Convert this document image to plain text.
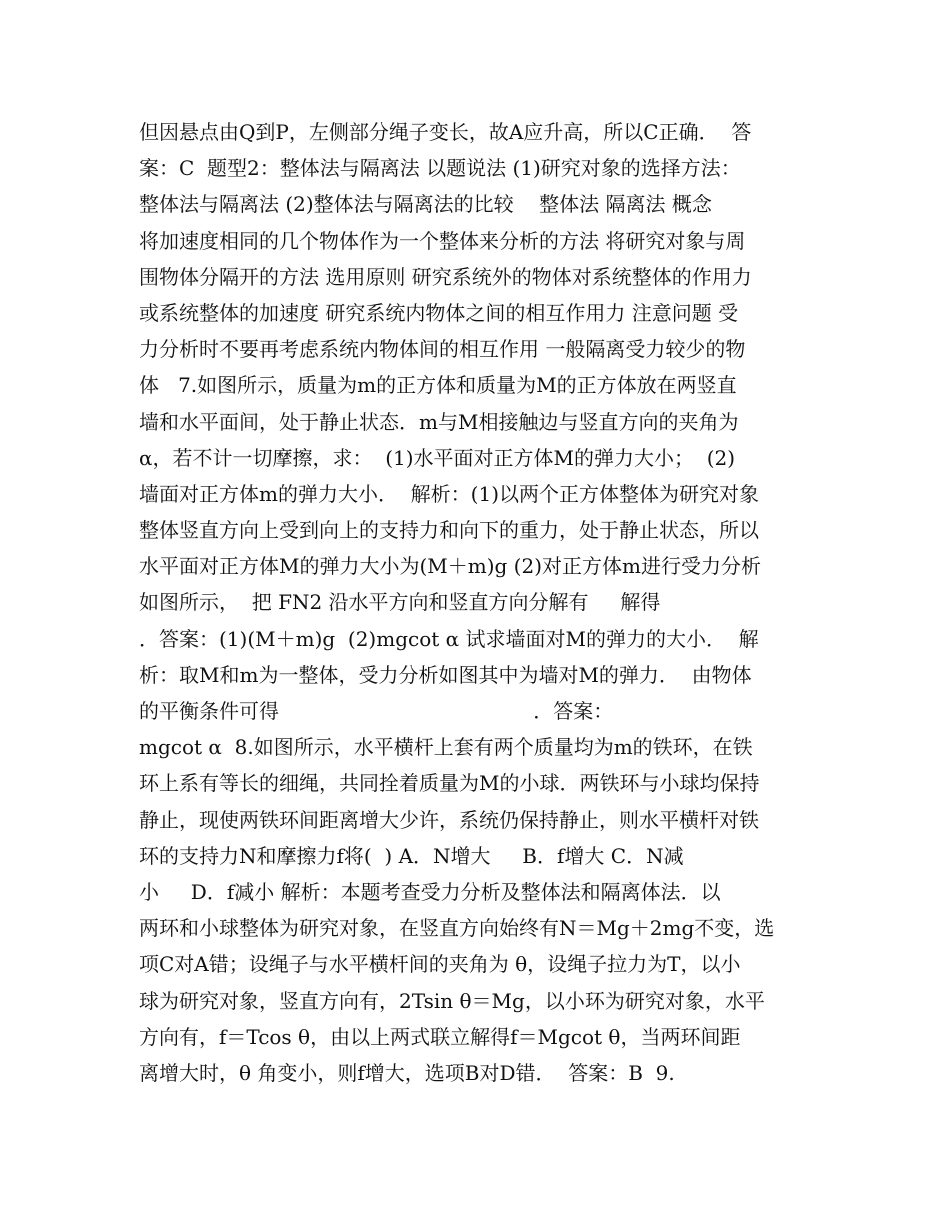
但因悬点由Q到P，左侧部分绳子变长，故A应升高，所以C正确．  答
案：C  题型2：整体法与隔离法 以题说法 (1)研究对象的选择方法：
整体法与隔离法 (2)整体法与隔离法的比较    整体法 隔离法 概念
将加速度相同的几个物体作为一个整体来分析的方法 将研究对象与周
围物体分隔开的方法 选用原则 研究系统外的物体对系统整体的作用力
或系统整体的加速度 研究系统内物体之间的相互作用力 注意问题 受
力分析时不要再考虑系统内物体间的相互作用 一般隔离受力较少的物
体   7.如图所示，质量为m的正方体和质量为M的正方体放在两竖直
墙和水平面间，处于静止状态．m与M相接触边与竖直方向的夹角为
α，若不计一切摩擦，求：  (1)水平面对正方体M的弹力大小；  (2)
墙面对正方体m的弹力大小．  解析：(1)以两个正方体整体为研究对象
整体竖直方向上受到向上的支持力和向下的重力，处于静止状态，所以
水平面对正方体M的弹力大小为(M＋m)g (2)对正方体m进行受力分析
如图所示，  把 FN2 沿水平方向和竖直方向分解有     解得
．答案：(1)(M＋m)g  (2)mgcot α 试求墙面对M的弹力的大小．  解
析：取M和m为一整体，受力分析如图其中为墙对M的弹力．  由物体
的平衡条件可得                                        ．答案：
mgcot α  8.如图所示，水平横杆上套有两个质量均为m的铁环，在铁
环上系有等长的细绳，共同拴着质量为M的小球．两铁环与小球均保持
静止，现使两铁环间距离增大少许，系统仍保持静止，则水平横杆对铁
环的支持力N和摩擦力f将(  ) A．N增大     B．f增大 C．N减
小     D．f减小 解析：本题考查受力分析及整体法和隔离体法．以
两环和小球整体为研究对象，在竖直方向始终有N＝Mg＋2mg不变，选
项C对A错；设绳子与水平横杆间的夹角为 θ，设绳子拉力为T，以小
球为研究对象，竖直方向有，2Tsin θ＝Mg，以小环为研究对象，水平
方向有，f＝Tcos θ，由以上两式联立解得f＝Mgcot θ，当两环间距
离增大时，θ 角变小，则f增大，选项B对D错．  答案：B  9.
